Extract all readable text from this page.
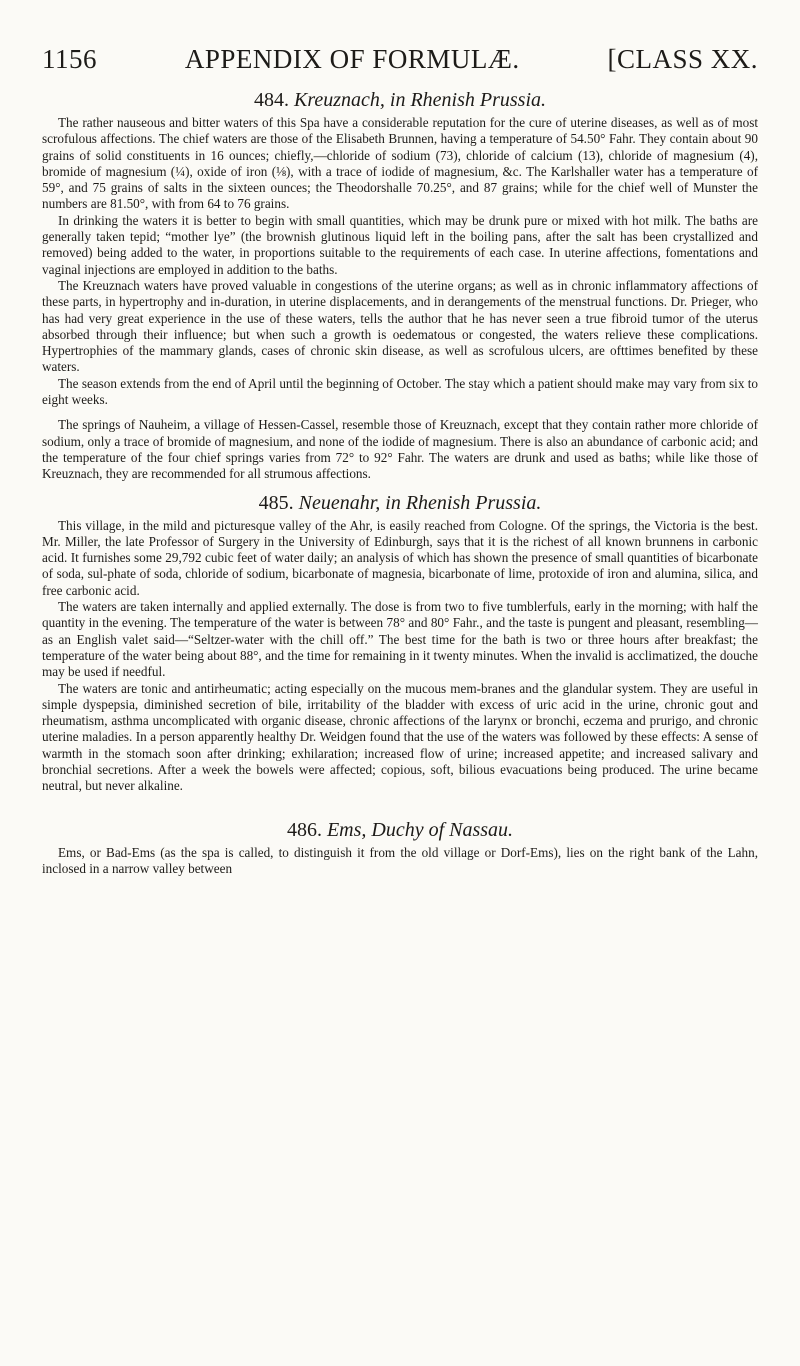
1156	APPENDIX OF FORMULÆ.	[CLASS XX.
484. Kreuznach, in Rhenish Prussia.

The rather nauseous and bitter waters of this Spa have a considerable reputation for the cure of uterine diseases, as well as of most scrofulous affections. The chief waters are those of the Elisabeth Brunnen, having a temperature of 54.50° Fahr. They contain about 90 grains of solid constituents in 16 ounces; chiefly,—chloride of sodium (73), chloride of calcium (13), chloride of magnesium (4), bromide of magnesium (¼), oxide of iron (⅛), with a trace of iodide of magnesium, &c. The Karlshaller water has a temperature of 59°, and 75 grains of salts in the sixteen ounces; the Theodorshalle 70.25°, and 87 grains; while for the chief well of Munster the numbers are 81.50°, with from 64 to 76 grains.

In drinking the waters it is better to begin with small quantities, which may be drunk pure or mixed with hot milk. The baths are generally taken tepid; “mother lye” (the brownish glutinous liquid left in the boiling pans, after the salt has been crystallized and removed) being added to the water, in proportions suitable to the requirements of each case. In uterine affections, fomentations and vaginal injections are employed in addition to the baths.

The Kreuznach waters have proved valuable in congestions of the uterine organs; as well as in chronic inflammatory affections of these parts, in hypertrophy and in-duration, in uterine displacements, and in derangements of the menstrual functions. Dr. Prieger, who has had very great experience in the use of these waters, tells the author that he has never seen a true fibroid tumor of the uterus absorbed through their influence; but when such a growth is oedematous or congested, the waters relieve these complications. Hypertrophies of the mammary glands, cases of chronic skin disease, as well as scrofulous ulcers, are ofttimes benefited by these waters.

The season extends from the end of April until the beginning of October. The stay which a patient should make may vary from six to eight weeks.

The springs of Nauheim, a village of Hessen-Cassel, resemble those of Kreuznach, except that they contain rather more chloride of sodium, only a trace of bromide of magnesium, and none of the iodide of magnesium. There is also an abundance of carbonic acid; and the temperature of the four chief springs varies from 72° to 92° Fahr. The waters are drunk and used as baths; while like those of Kreuznach, they are recommended for all strumous affections.

485. Neuenahr, in Rhenish Prussia.

This village, in the mild and picturesque valley of the Ahr, is easily reached from Cologne. Of the springs, the Victoria is the best. Mr. Miller, the late Professor of Surgery in the University of Edinburgh, says that it is the richest of all known brunnens in carbonic acid. It furnishes some 29,792 cubic feet of water daily; an analysis of which has shown the presence of small quantities of bicarbonate of soda, sul-phate of soda, chloride of sodium, bicarbonate of magnesia, bicarbonate of lime, protoxide of iron and alumina, silica, and free carbonic acid.

The waters are taken internally and applied externally. The dose is from two to five tumblerfuls, early in the morning; with half the quantity in the evening. The temperature of the water is between 78° and 80° Fahr., and the taste is pungent and pleasant, resembling—as an English valet said—“Seltzer-water with the chill off.” The best time for the bath is two or three hours after breakfast; the temperature of the water being about 88°, and the time for remaining in it twenty minutes. When the invalid is acclimatized, the douche may be used if needful.

The waters are tonic and antirheumatic; acting especially on the mucous mem-branes and the glandular system. They are useful in simple dyspepsia, diminished secretion of bile, irritability of the bladder with excess of uric acid in the urine, chronic gout and rheumatism, asthma uncomplicated with organic disease, chronic affections of the larynx or bronchi, eczema and prurigo, and chronic uterine maladies. In a person apparently healthy Dr. Weidgen found that the use of the waters was followed by these effects: A sense of warmth in the stomach soon after drinking; exhilaration; increased flow of urine; increased appetite; and increased salivary and bronchial secretions. After a week the bowels were affected; copious, soft, bilious evacuations being produced. The urine became neutral, but never alkaline.

486. Ems, Duchy of Nassau.

Ems, or Bad-Ems (as the spa is called, to distinguish it from the old village or Dorf-Ems), lies on the right bank of the Lahn, inclosed in a narrow valley between
